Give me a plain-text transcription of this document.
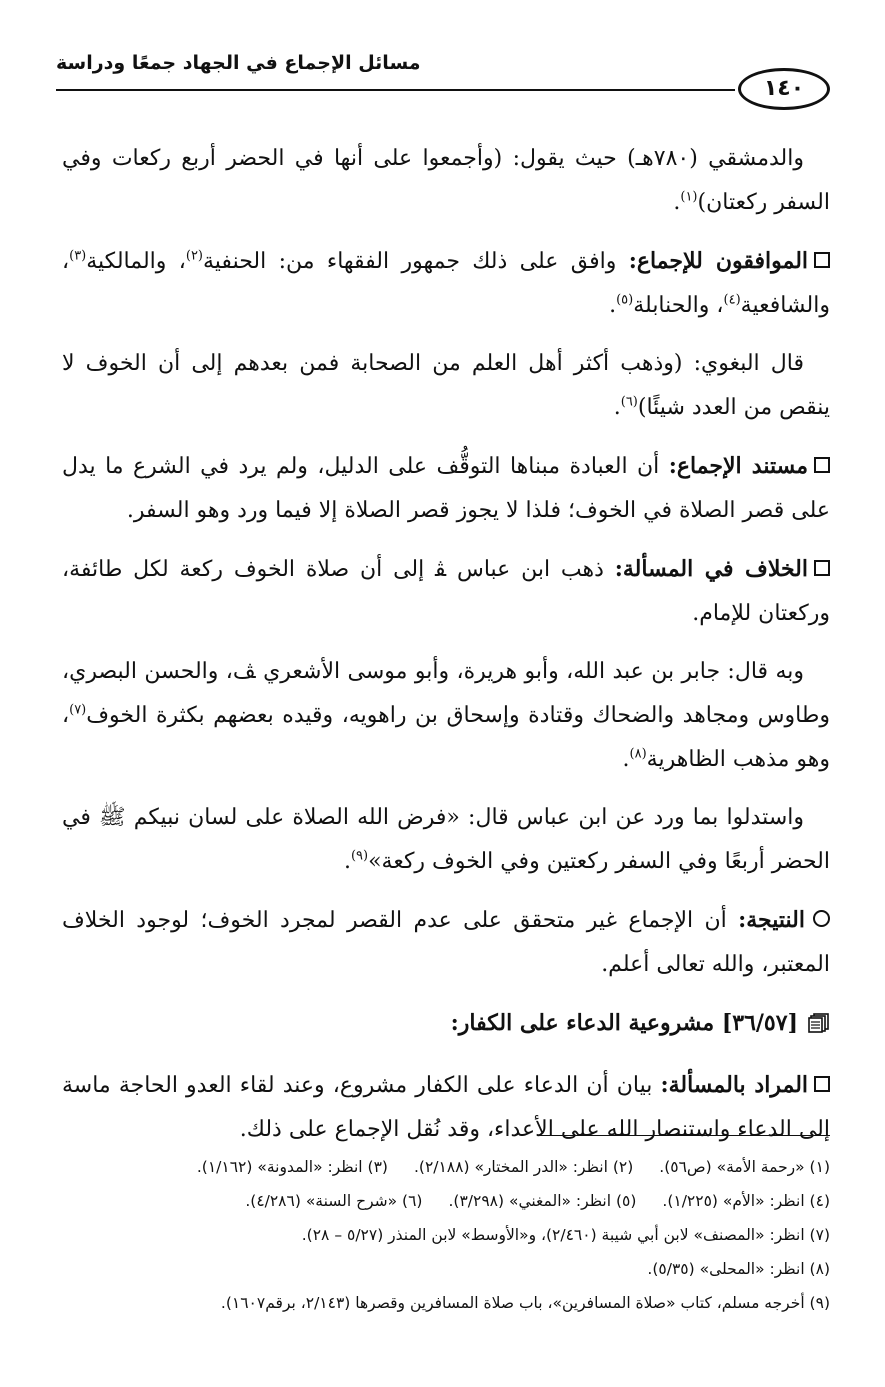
مسائل الإجماع في الجهاد جمعًا ودراسة
١٤٠

والدمشقي (٧٨٠هـ) حيث يقول: (وأجمعوا على أنها في الحضر أربع ركعات وفي السفر ركعتان)$^{(١)}$.

الموافقون للإجماع: وافق على ذلك جمهور الفقهاء من: الحنفية$^{(٢)}$، والمالكية$^{(٣)}$، والشافعية$^{(٤)}$، والحنابلة$^{(٥)}$.

قال البغوي: (وذهب أكثر أهل العلم من الصحابة فمن بعدهم إلى أن الخوف لا ينقص من العدد شيئًا)$^{(٦)}$.

مستند الإجماع: أن العبادة مبناها التوقُّف على الدليل، ولم يرد في الشرع ما يدل على قصر الصلاة في الخوف؛ فلذا لا يجوز قصر الصلاة إلا فيما ورد وهو السفر.

الخلاف في المسألة: ذهب ابن عباس ﭭ إلى أن صلاة الخوف ركعة لكل طائفة، وركعتان للإمام.

وبه قال: جابر بن عبد الله، وأبو هريرة، وأبو موسى الأشعري ﭫ، والحسن البصري، وطاوس ومجاهد والضحاك وقتادة وإسحاق بن راهويه، وقيده بعضهم بكثرة الخوف$^{(٧)}$، وهو مذهب الظاهرية$^{(٨)}$.

واستدلوا بما ورد عن ابن عباس قال: «فرض الله الصلاة على لسان نبيكم ﷺ في الحضر أربعًا وفي السفر ركعتين وفي الخوف ركعة»$^{(٩)}$.

النتيجة: أن الإجماع غير متحقق على عدم القصر لمجرد الخوف؛ لوجود الخلاف المعتبر، والله تعالى أعلم.

[٣٦/٥٧] مشروعية الدعاء على الكفار:

المراد بالمسألة: بيان أن الدعاء على الكفار مشروع، وعند لقاء العدو الحاجة ماسة إلى الدعاء واستنصار الله على الأعداء، وقد نُقل الإجماع على ذلك.

(١) «رحمة الأمة» (ص٥٦).
(٢) انظر: «الدر المختار» (٢/١٨٨).
(٣) انظر: «المدونة» (١/١٦٢).
(٤) انظر: «الأم» (١/٢٢٥).
(٥) انظر: «المغني» (٣/٢٩٨).
(٦) «شرح السنة» (٤/٢٨٦).
(٧) انظر: «المصنف» لابن أبي شيبة (٢/٤٦٠)، و«الأوسط» لابن المنذر (٥/٢٧ – ٢٨).
(٨) انظر: «المحلى» (٥/٣٥).
(٩) أخرجه مسلم، كتاب «صلاة المسافرين»، باب صلاة المسافرين وقصرها (٢/١٤٣، برقم١٦٠٧).
